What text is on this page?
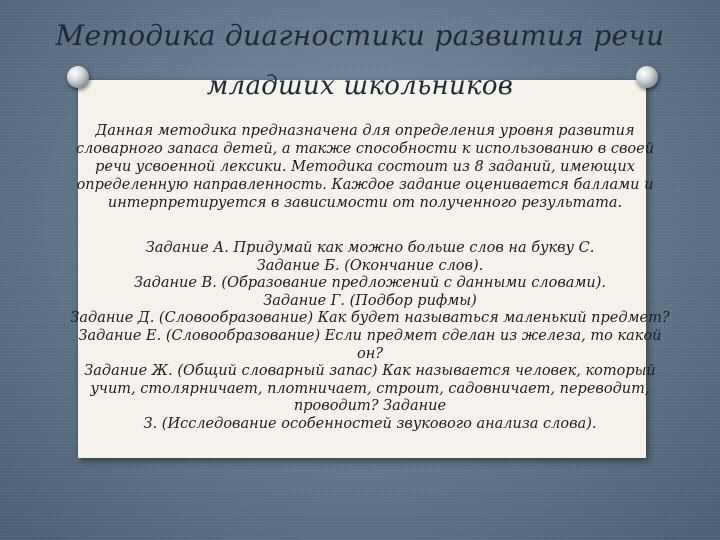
Методика диагностики развития речи
младших школьников

Данная методика предназначена для определения уровня развития словарного запаса детей, а также способности к использованию в своей речи усвоенной лексики. Методика состоит из 8 заданий, имеющих определенную направленность. Каждое задание оценивается баллами и интерпретируется в зависимости от полученного результата.

Задание А. Придумай как можно больше слов на букву С.
Задание Б. (Окончание слов).
Задание В. (Образование предложений с данными словами).
Задание Г. (Подбор рифмы)
Задание Д. (Словообразование) Как будет называться маленький предмет?
Задание Е. (Словообразование) Если предмет сделан из железа, то какой он?
Задание Ж. (Общий словарный запас) Как называется человек, который учит, столярничает, плотничает, строит, садовничает, переводит, проводит? Задание
З. (Исследование особенностей звукового анализа слова).
